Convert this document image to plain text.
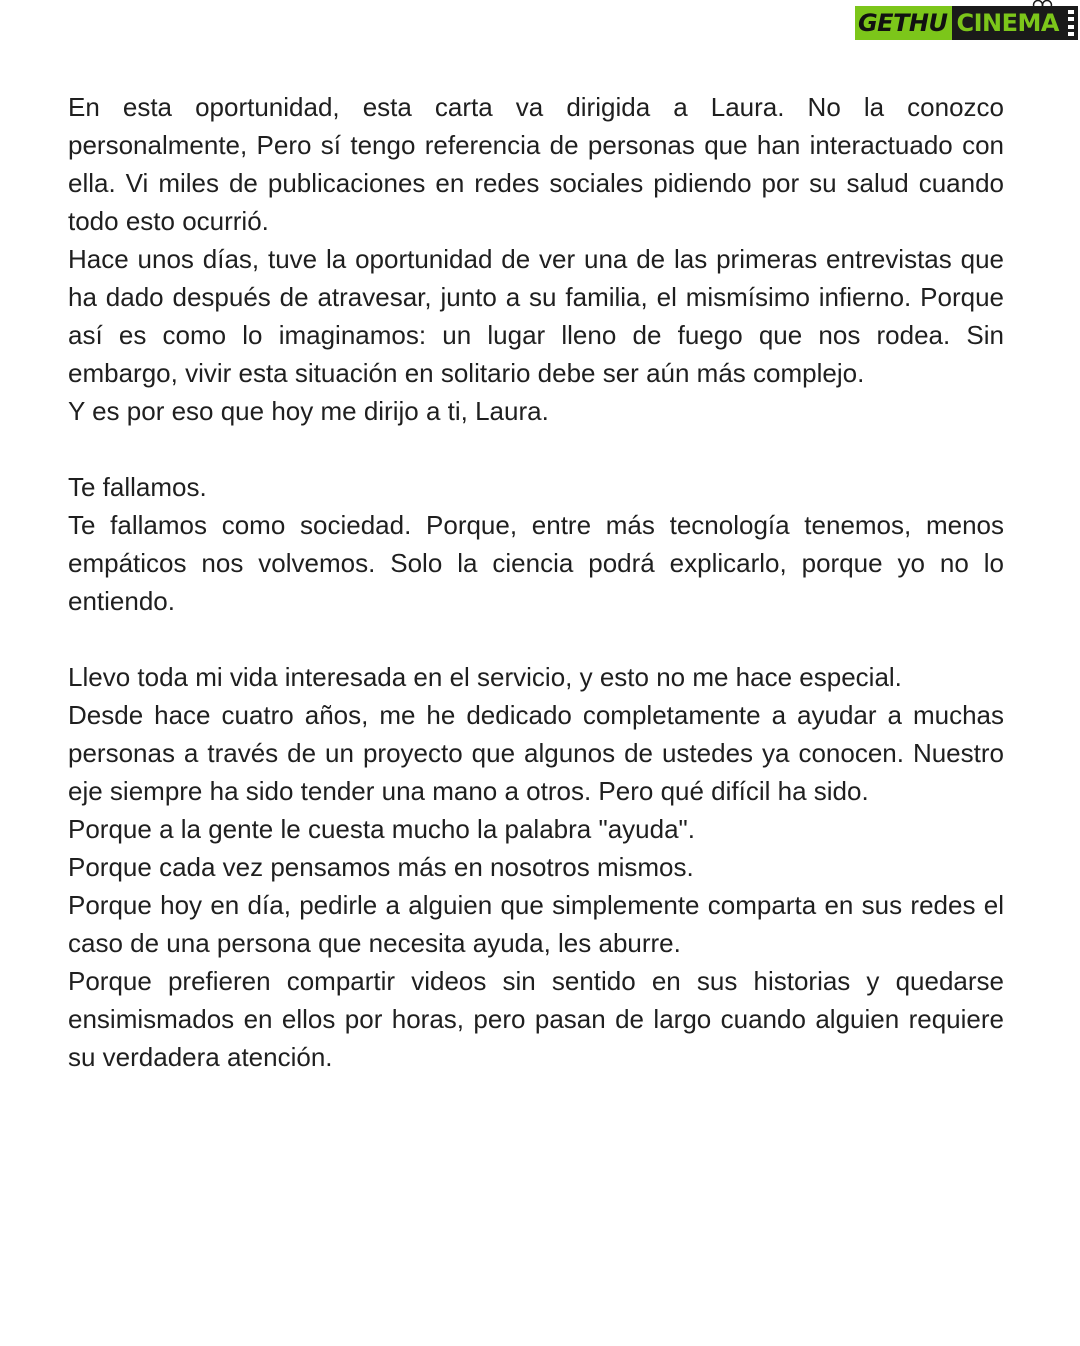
GETHU CINEMA

En esta oportunidad, esta carta va dirigida a Laura. No la conozco personalmente, Pero sí tengo referencia de personas que han interactuado con ella. Vi miles de publicaciones en redes sociales pidiendo por su salud cuando todo esto ocurrió.

Hace unos días, tuve la oportunidad de ver una de las primeras entrevistas que ha dado después de atravesar, junto a su familia, el mismísimo infierno. Porque así es como lo imaginamos: un lugar lleno de fuego que nos rodea. Sin embargo, vivir esta situación en solitario debe ser aún más complejo.

Y es por eso que hoy me dirijo a ti, Laura.

Te fallamos.

Te fallamos como sociedad. Porque, entre más tecnología tenemos, menos empáticos nos volvemos. Solo la ciencia podrá explicarlo, porque yo no lo entiendo.

Llevo toda mi vida interesada en el servicio, y esto no me hace especial.

Desde hace cuatro años, me he dedicado completamente a ayudar a muchas personas a través de un proyecto que algunos de ustedes ya conocen. Nuestro eje siempre ha sido tender una mano a otros. Pero qué difícil ha sido.

Porque a la gente le cuesta mucho la palabra "ayuda".

Porque cada vez pensamos más en nosotros mismos.

Porque hoy en día, pedirle a alguien que simplemente comparta en sus redes el caso de una persona que necesita ayuda, les aburre.

Porque prefieren compartir videos sin sentido en sus historias y quedarse ensimismados en ellos por horas, pero pasan de largo cuando alguien requiere su verdadera atención.
